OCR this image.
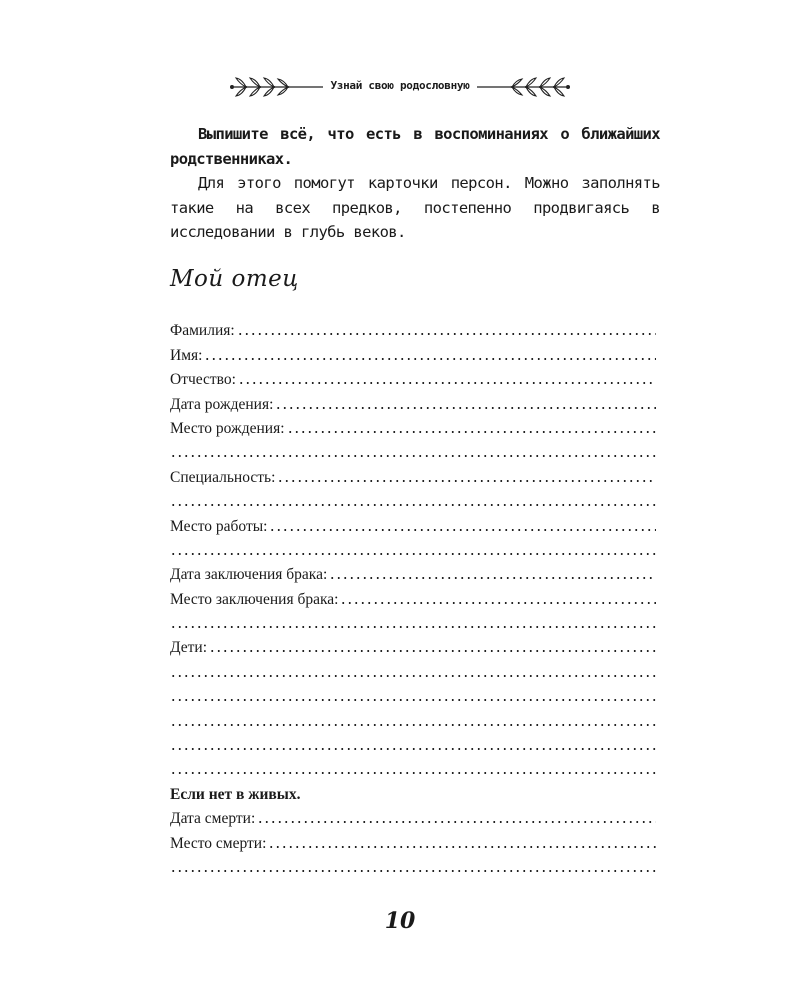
Узнай свою родословную

Выпишите всё, что есть в воспоминаниях о ближайших родственниках.

Для этого помогут карточки персон. Можно заполнять такие на всех предков, постепенно продвигаясь в исследовании в глубь веков.

Мой отец
Фамилия:
Имя:
Отчество:
Дата рождения:
Место рождения:
Специальность:
Место работы:
Дата заключения брака:
Место заключения брака:
Дети:
Если нет в живых.
Дата смерти:
Место смерти:
10
